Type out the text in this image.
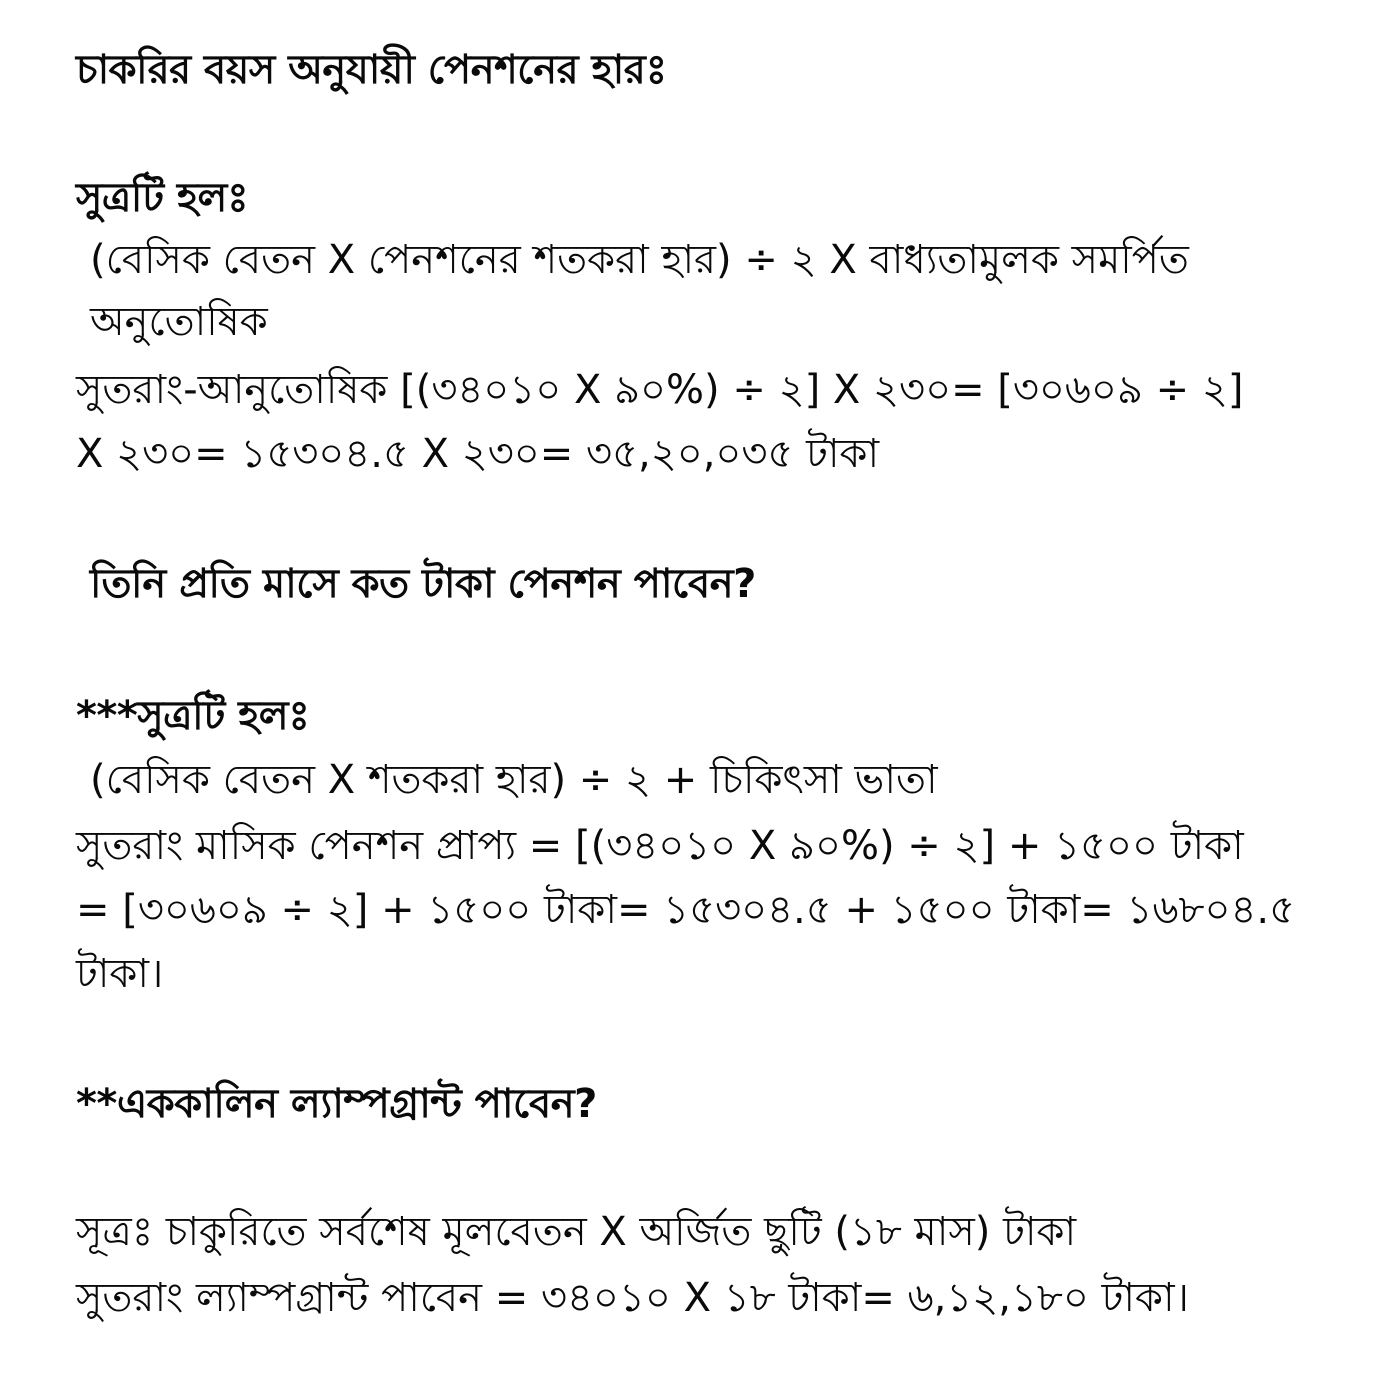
চাকরির বয়স অনুযায়ী পেনশনের হারঃ
সুত্রটি হলঃ
(বেসিক বেতন X পেনশনের শতকরা হার) ÷ ২ X বাধ্যতামুলক সমর্পিত
অনুতোষিক
সুতরাং-আনুতোষিক [(৩৪০১০ X ৯০%) ÷ ২] X ২৩০= [৩০৬০৯ ÷ ২]
X ২৩০= ১৫৩০৪.৫ X ২৩০= ৩৫,২০,০৩৫ টাকা
তিনি প্রতি মাসে কত টাকা পেনশন পাবেন?
***সুত্রটি হলঃ
(বেসিক বেতন X শতকরা হার) ÷ ২ + চিকিৎসা ভাতা
সুতরাং মাসিক পেনশন প্রাপ্য = [(৩৪০১০ X ৯০%) ÷ ২] + ১৫০০ টাকা
= [৩০৬০৯ ÷ ২] + ১৫০০ টাকা= ১৫৩০৪.৫ + ১৫০০ টাকা= ১৬৮০৪.৫
টাকা।
**এককালিন ল্যাম্পগ্রান্ট পাবেন?
সূত্রঃ চাকুরিতে সর্বশেষ মূলবেতন X অর্জিত ছুটি (১৮ মাস) টাকা
সুতরাং ল্যাম্পগ্রান্ট পাবেন = ৩৪০১০ X ১৮ টাকা= ৬,১২,১৮০ টাকা।
